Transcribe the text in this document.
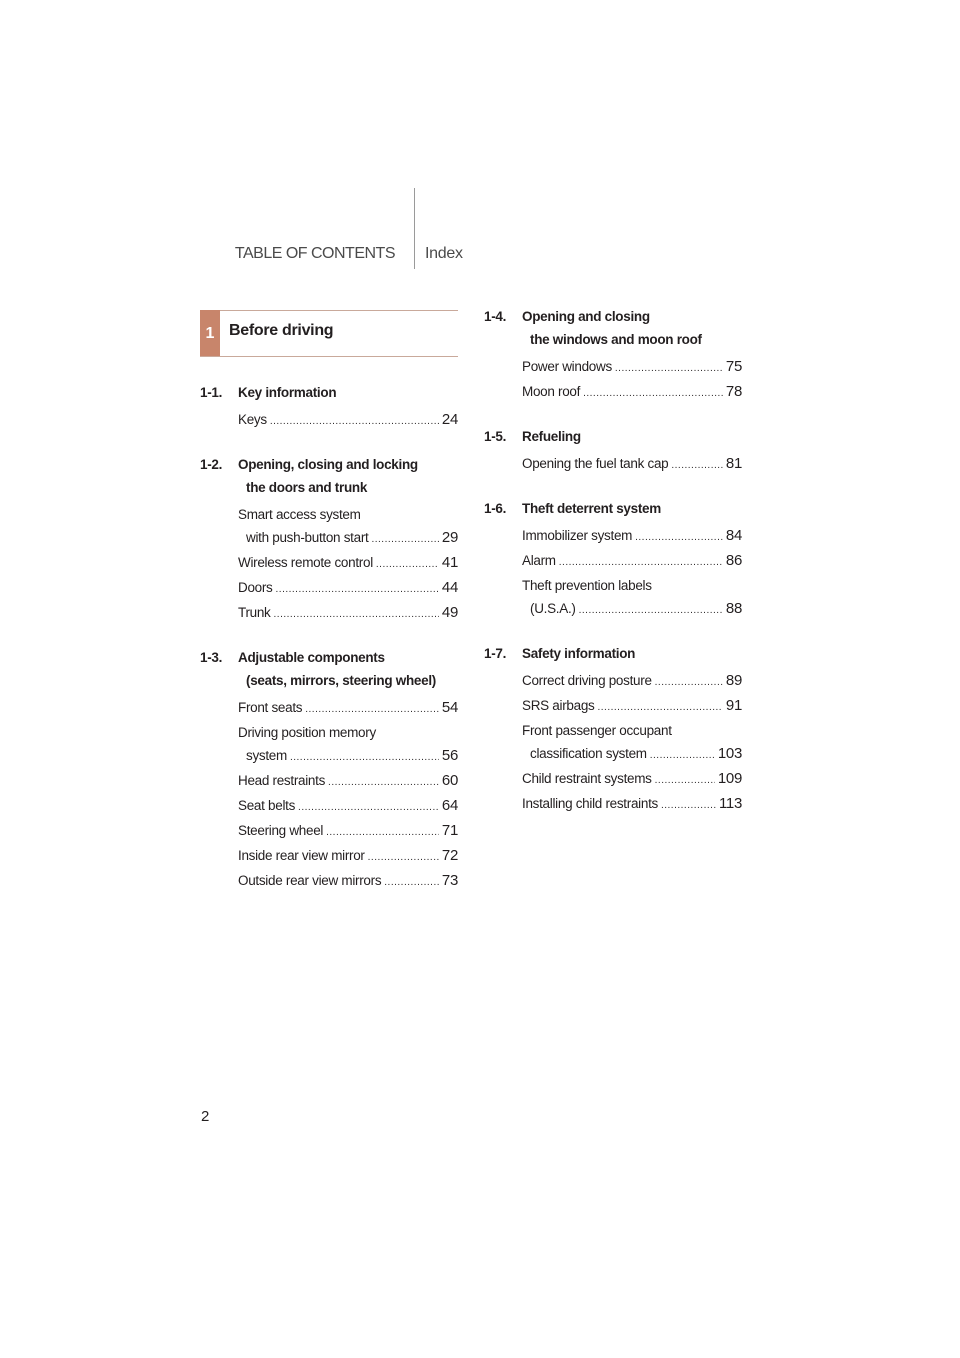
TABLE OF CONTENTS Index
1 Before driving
1-1.	Key information
Keys .....	24
1-2.	Opening, closing and locking
the doors and trunk
Smart access system
with push-button start .....	29
Wireless remote control .....	41
Doors .....	44
Trunk .....	49
1-3.	Adjustable components
(seats, mirrors, steering wheel)
Front seats .....	54
Driving position memory
system .....	56
Head restraints .....	60
Seat belts .....	64
Steering wheel .....	71
Inside rear view mirror .....	72
Outside rear view mirrors .....	73
1-4.	Opening and closing
the windows and moon roof
Power windows .....	75
Moon roof .....	78
1-5.	Refueling
Opening the fuel tank cap .....	81
1-6.	Theft deterrent system
Immobilizer system .....	84
Alarm .....	86
Theft prevention labels
(U.S.A.) .....	88
1-7.	Safety information
Correct driving posture .....	89
SRS airbags .....	91
Front passenger occupant
classification system .....	103
Child restraint systems .....	109
Installing child restraints .....	113
2
